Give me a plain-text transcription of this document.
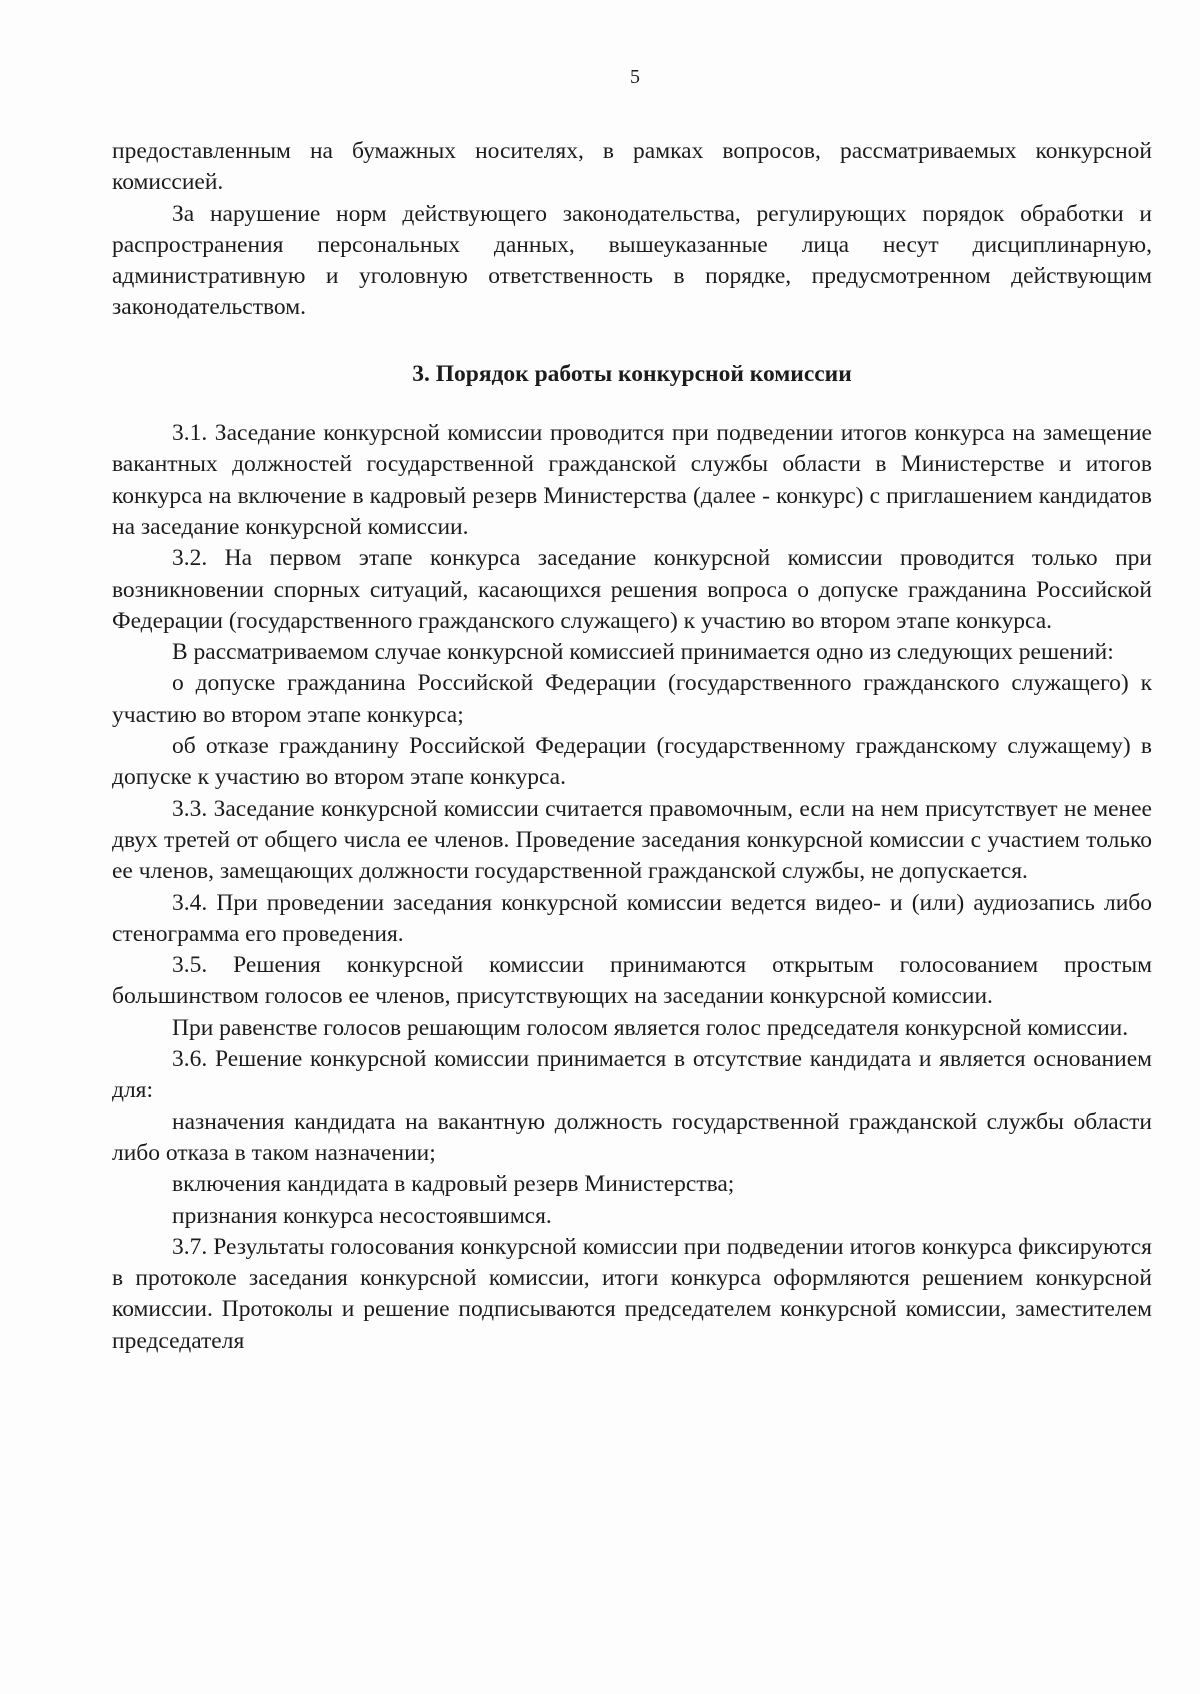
5

предоставленным на бумажных носителях, в рамках вопросов, рассматриваемых конкурсной комиссией.

За нарушение норм действующего законодательства, регулирующих порядок обработки и распространения персональных данных, вышеуказанные лица несут дисциплинарную, административную и уголовную ответственность в порядке, предусмотренном действующим законодательством.

3. Порядок работы конкурсной комиссии

3.1. Заседание конкурсной комиссии проводится при подведении итогов конкурса на замещение вакантных должностей государственной гражданской службы области в Министерстве и итогов конкурса на включение в кадровый резерв Министерства (далее - конкурс) с приглашением кандидатов на заседание конкурсной комиссии.

3.2. На первом этапе конкурса заседание конкурсной комиссии проводится только при возникновении спорных ситуаций, касающихся решения вопроса о допуске гражданина Российской Федерации (государственного гражданского служащего) к участию во втором этапе конкурса.

В рассматриваемом случае конкурсной комиссией принимается одно из следующих решений:

о допуске гражданина Российской Федерации (государственного гражданского служащего) к участию во втором этапе конкурса;

об отказе гражданину Российской Федерации (государственному гражданскому служащему) в допуске к участию во втором этапе конкурса.

3.3. Заседание конкурсной комиссии считается правомочным, если на нем присутствует не менее двух третей от общего числа ее членов. Проведение заседания конкурсной комиссии с участием только ее членов, замещающих должности государственной гражданской службы, не допускается.

3.4. При проведении заседания конкурсной комиссии ведется видео- и (или) аудиозапись либо стенограмма его проведения.

3.5. Решения конкурсной комиссии принимаются открытым голосованием простым большинством голосов ее членов, присутствующих на заседании конкурсной комиссии.

При равенстве голосов решающим голосом является голос председателя конкурсной комиссии.

3.6. Решение конкурсной комиссии принимается в отсутствие кандидата и является основанием для:

назначения кандидата на вакантную должность государственной гражданской службы области либо отказа в таком назначении;

включения кандидата в кадровый резерв Министерства;

признания конкурса несостоявшимся.

3.7. Результаты голосования конкурсной комиссии при подведении итогов конкурса фиксируются в протоколе заседания конкурсной комиссии, итоги конкурса оформляются решением конкурсной комиссии. Протоколы и решение подписываются председателем конкурсной комиссии, заместителем председателя
